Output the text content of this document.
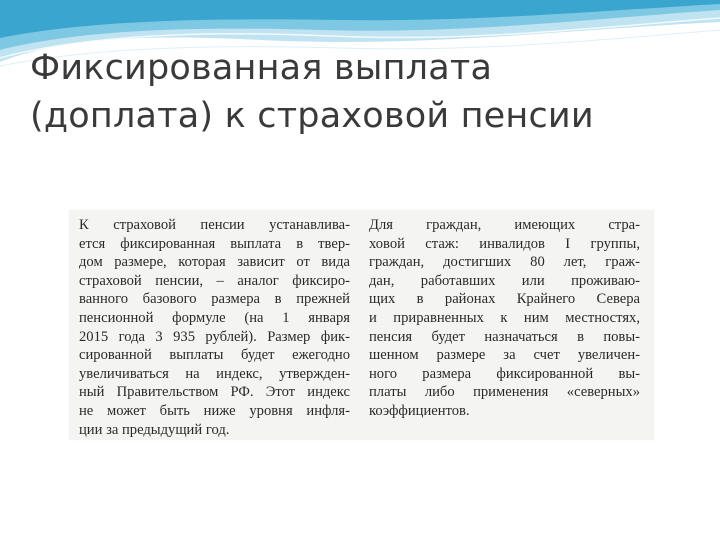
Фиксированная выплата
(доплата) к страховой пенсии
К страховой пенсии устанавлива-
ется фиксированная выплата в твер-
дом размере, которая зависит от вида
страховой пенсии, – аналог фиксиро-
ванного базового размера в прежней
пенсионной формуле (на 1 января
2015 года 3 935 рублей). Размер фик-
сированной выплаты будет ежегодно
увеличиваться на индекс, утвержден-
ный Правительством РФ. Этот индекс
не может быть ниже уровня инфля-
ции за предыдущий год.
Для граждан, имеющих стра-
ховой стаж: инвалидов I группы,
граждан, достигших 80 лет, граж-
дан, работавших или проживаю-
щих в районах Крайнего Севера
и приравненных к ним местностях,
пенсия будет назначаться в повы-
шенном размере за счет увеличен-
ного размера фиксированной вы-
платы либо применения «северных»
коэффициентов.
